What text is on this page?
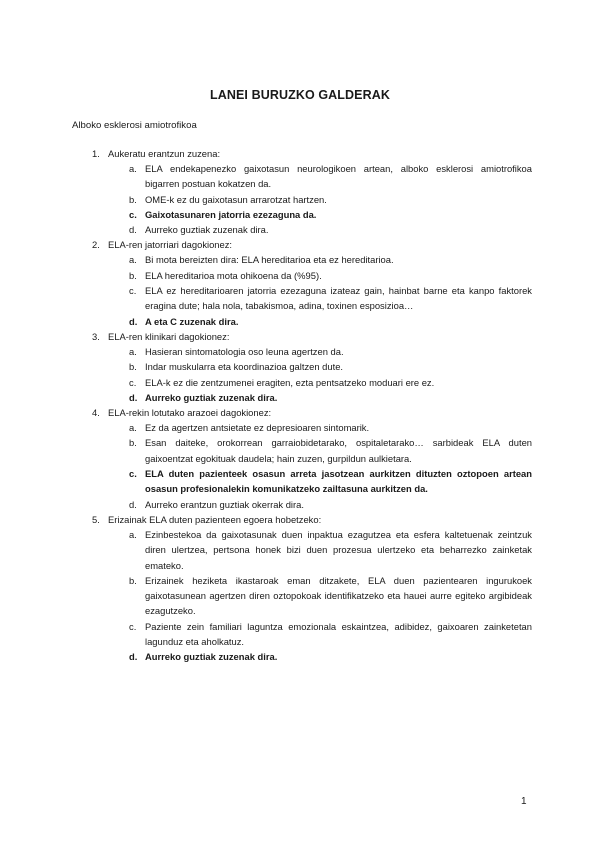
LANEI BURUZKO GALDERAK
Alboko esklerosi amiotrofikoa
1. Aukeratu erantzun zuzena:
a. ELA endekapenezko gaixotasun neurologikoen artean, alboko esklerosi amiotrofikoa bigarren postuan kokatzen da.
b. OME-k ez du gaixotasun arrarotzat hartzen.
c. Gaixotasunaren jatorria ezezaguna da.
d. Aurreko guztiak zuzenak dira.
2. ELA-ren jatorriari dagokionez:
a. Bi mota bereizten dira: ELA hereditarioa eta ez hereditarioa.
b. ELA hereditarioa mota ohikoena da (%95).
c. ELA ez hereditarioaren jatorria ezezaguna izateaz gain, hainbat barne eta kanpo faktorek eragina dute; hala nola, tabakismoa, adina, toxinen esposizioa…
d. A eta C zuzenak dira.
3. ELA-ren klinikari dagokionez:
a. Hasieran sintomatologia oso leuna agertzen da.
b. Indar muskularra eta koordinazioa galtzen dute.
c. ELA-k ez die zentzumenei eragiten, ezta pentsatzeko moduari ere ez.
d. Aurreko guztiak zuzenak dira.
4. ELA-rekin lotutako arazoei dagokionez:
a. Ez da agertzen antsietate ez depresioaren sintomarik.
b. Esan daiteke, orokorrean garraiobidetarako, ospitaletarako… sarbideak ELA duten gaixoentzat egokituak daudela; hain zuzen, gurpildun aulkietara.
c. ELA duten pazienteek osasun arreta jasotzean aurkitzen dituzten oztopoen artean osasun profesionalekin komunikatzeko zailtasuna aurkitzen da.
d. Aurreko erantzun guztiak okerrak dira.
5. Erizainak ELA duten pazienteen egoera hobetzeko:
a. Ezinbestekoa da gaixotasunak duen inpaktua ezagutzea eta esfera kaltetuenak zeintzuk diren ulertzea, pertsona honek bizi duen prozesua ulertzeko eta beharrezko zainketak emateko.
b. Erizainek heziketa ikastaroak eman ditzakete, ELA duen pazientearen ingurukoek gaixotasunean agertzen diren oztopokoak identifikatzeko eta hauei aurre egiteko argibideak ezagutzeko.
c. Paziente zein familiari laguntza emozionala eskaintzea, adibidez, gaixoaren zainketetan lagunduz eta aholkatuz.
d. Aurreko guztiak zuzenak dira.
1
